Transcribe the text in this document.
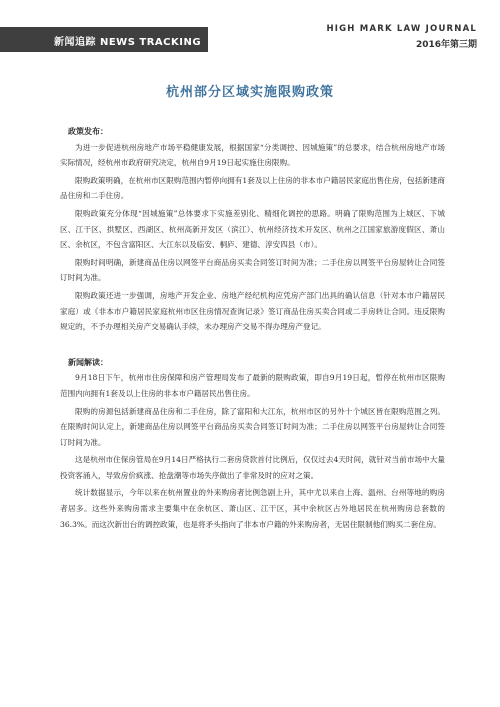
新闻追踪 NEWS TRACKING
HIGH MARK LAW JOURNAL
2016年第三期
杭州部分区域实施限购政策
政策发布：

为进一步促进杭州房地产市场平稳健康发展，根据国家“分类调控、因城施策”的总要求，结合杭州房地产市场实际情况，经杭州市政府研究决定，杭州自9月19日起实施住房限购。

限购政策明确，在杭州市区限购范围内暂停向拥有1套及以上住房的非本市户籍居民家庭出售住房，包括新建商品住房和二手住房。

限购政策充分体现“因城施策”总体要求下实施差别化、精细化调控的思路。明确了限购范围为上城区、下城区、江干区、拱墅区、西湖区、杭州高新开发区（滨江）、杭州经济技术开发区、杭州之江国家旅游度假区、萧山区、余杭区，不包含富阳区、大江东以及临安、桐庐、建德、淳安四县（市）。

限购时间明确，新建商品住房以网签平台商品房买卖合同签订时间为准；二手住房以网签平台房屋转让合同签订时间为准。

限购政策还进一步强调，房地产开发企业、房地产经纪机构应凭房产部门出具的确认信息（针对本市户籍居民家庭）或《非本市户籍居民家庭杭州市区住房情况查询记录》签订商品住房买卖合同或二手房转让合同。违反限购规定的，不予办理相关房产交易确认手续，未办理房产交易不得办理房产登记。

新闻解读：

9月18日下午，杭州市住房保障和房产管理局发布了最新的限购政策，即自9月19日起，暂停在杭州市区限购范围内向拥有1套及以上住房的非本市户籍居民出售住房。

限购的房源包括新建商品住房和二手住房，除了富阳和大江东，杭州市区的另外十个城区皆在限购范围之列。在限购时间认定上，新建商品住房以网签平台商品房买卖合同签订时间为准；二手住房以网签平台房屋转让合同签订时间为准。

这是杭州市住保房管局在9月14日严格执行二套房贷款首付比例后，仅仅过去4天时间，就针对当前市场中大量投资客涌入，导致房价疯涨、抢盘潮等市场失序做出了非常及时的应对之策。

统计数据显示，今年以来在杭州置业的外来购房者比例急剧上升，其中尤以来自上海、温州、台州等地的购房者居多。这些外来购房需求主要集中在余杭区、萧山区、江干区，其中余杭区占外地居民在杭州购房总套数的36.3%。而这次新出台的调控政策，也是将矛头指向了非本市户籍的外来购房者，无居住限制他们购买二套住房。
